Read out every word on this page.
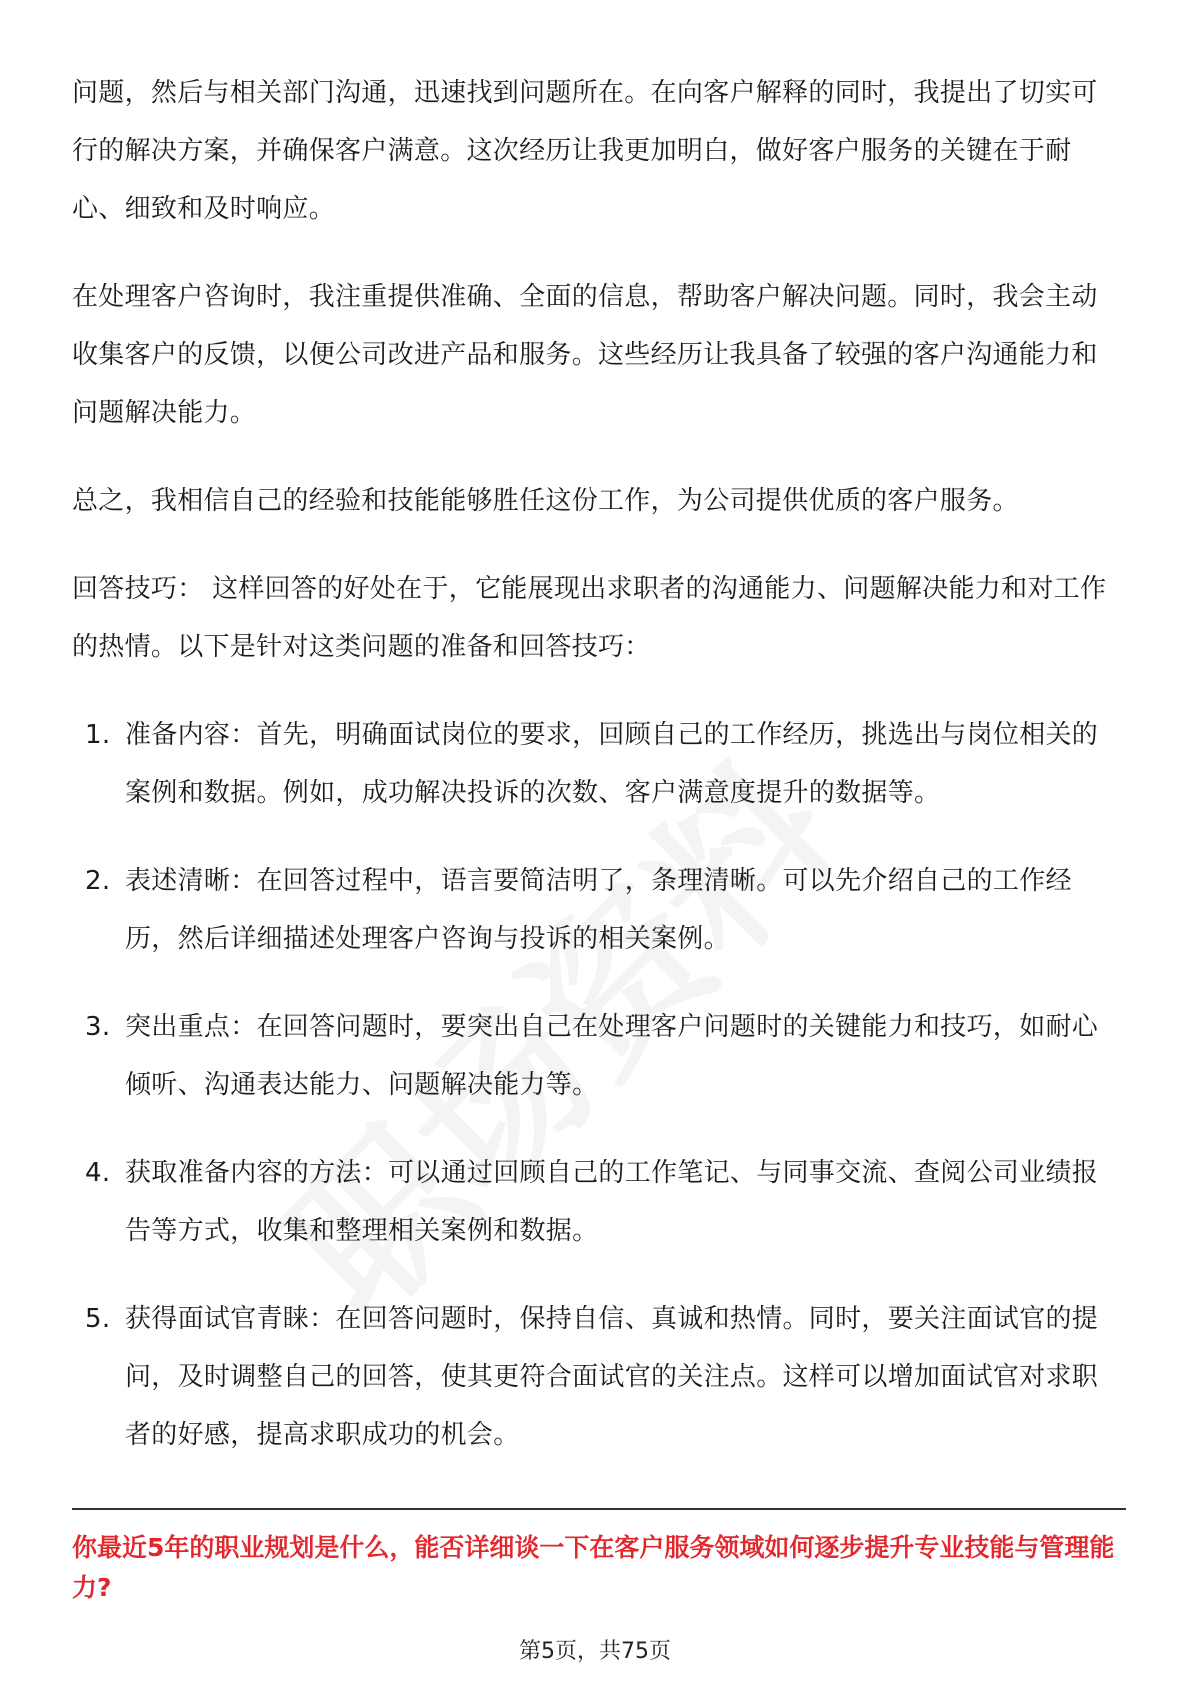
问题，然后与相关部门沟通，迅速找到问题所在。在向客户解释的同时，我提出了切实可行的解决方案，并确保客户满意。这次经历让我更加明白，做好客户服务的关键在于耐心、细致和及时响应。

在处理客户咨询时，我注重提供准确、全面的信息，帮助客户解决问题。同时，我会主动收集客户的反馈，以便公司改进产品和服务。这些经历让我具备了较强的客户沟通能力和问题解决能力。

总之，我相信自己的经验和技能能够胜任这份工作，为公司提供优质的客户服务。

回答技巧： 这样回答的好处在于，它能展现出求职者的沟通能力、问题解决能力和对工作的热情。以下是针对这类问题的准备和回答技巧：

1. 准备内容：首先，明确面试岗位的要求，回顾自己的工作经历，挑选出与岗位相关的案例和数据。例如，成功解决投诉的次数、客户满意度提升的数据等。
2. 表述清晰：在回答过程中，语言要简洁明了，条理清晰。可以先介绍自己的工作经历，然后详细描述处理客户咨询与投诉的相关案例。
3. 突出重点：在回答问题时，要突出自己在处理客户问题时的关键能力和技巧，如耐心倾听、沟通表达能力、问题解决能力等。
4. 获取准备内容的方法：可以通过回顾自己的工作笔记、与同事交流、查阅公司业绩报告等方式，收集和整理相关案例和数据。
5. 获得面试官青睐：在回答问题时，保持自信、真诚和热情。同时，要关注面试官的提问，及时调整自己的回答，使其更符合面试官的关注点。这样可以增加面试官对求职者的好感，提高求职成功的机会。
你最近5年的职业规划是什么，能否详细谈一下在客户服务领域如何逐步提升专业技能与管理能力?
第5页，共75页
